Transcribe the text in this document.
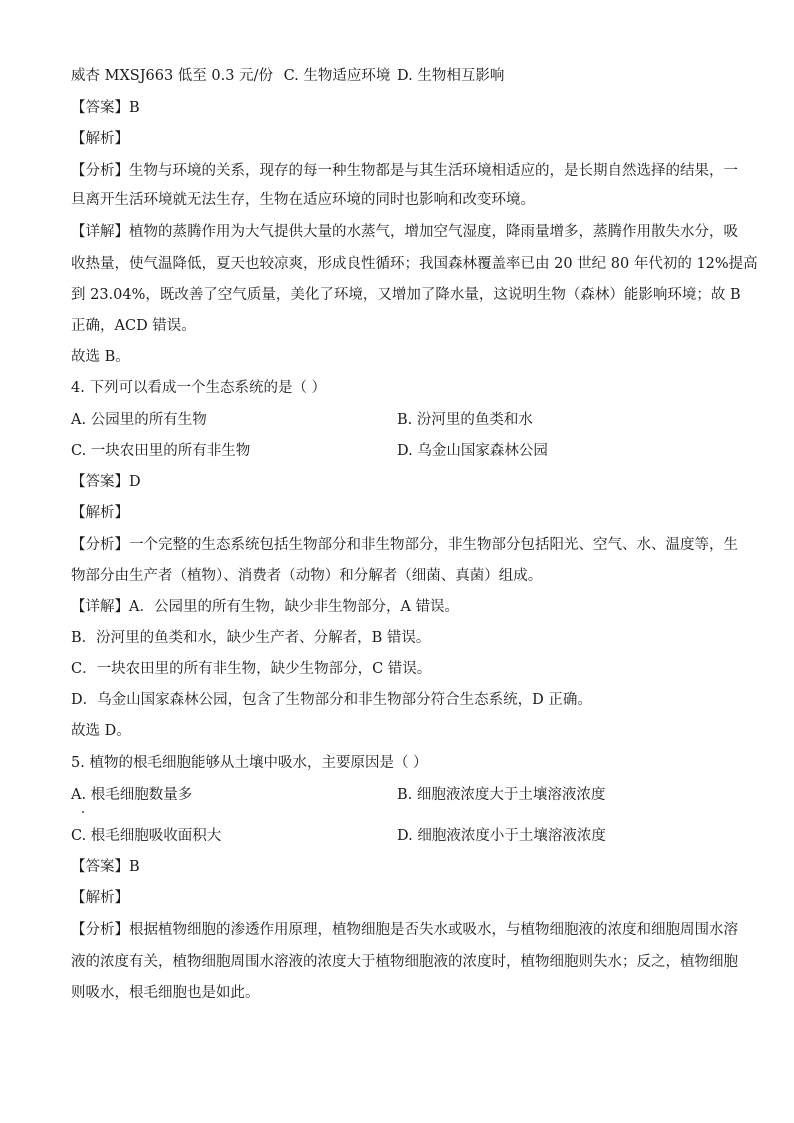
威杏 MXSJ663 低至 0.3 元/份 C. 生物适应环境 D. 生物相互影响
【答案】B
【解析】
【分析】生物与环境的关系，现存的每一种生物都是与其生活环境相适应的，是长期自然选择的结果，一
旦离开生活环境就无法生存，生物在适应环境的同时也影响和改变环境。
【详解】植物的蒸腾作用为大气提供大量的水蒸气，增加空气湿度，降雨量增多，蒸腾作用散失水分，吸
收热量，使气温降低，夏天也较凉爽，形成良性循环；我国森林覆盖率已由 20 世纪 80 年代初的 12%提高
到 23.04%，既改善了空气质量，美化了环境，又增加了降水量，这说明生物（森林）能影响环境；故 B
正确，ACD 错误。
故选 B。
4. 下列可以看成一个生态系统的是（ ）
A. 公园里的所有生物	B. 汾河里的鱼类和水
C. 一块农田里的所有非生物	D. 乌金山国家森林公园
【答案】D
【解析】
【分析】一个完整的生态系统包括生物部分和非生物部分，非生物部分包括阳光、空气、水、温度等，生
物部分由生产者（植物）、消费者（动物）和分解者（细菌、真菌）组成。
【详解】A．公园里的所有生物，缺少非生物部分，A 错误。
B．汾河里的鱼类和水，缺少生产者、分解者，B 错误。
C．一块农田里的所有非生物，缺少生物部分，C 错误。
D．乌金山国家森林公园，包含了生物部分和非生物部分符合生态系统，D 正确。
故选 D。
5. 植物的根毛细胞能够从土壤中吸水，主要原因是（ ）
A. 根毛细胞数量多	B. 细胞液浓度大于土壤溶液浓度
C. 根毛细胞吸收面积大	D. 细胞液浓度小于土壤溶液浓度
【答案】B
【解析】
【分析】根据植物细胞的渗透作用原理，植物细胞是否失水或吸水，与植物细胞液的浓度和细胞周围水溶
液的浓度有关，植物细胞周围水溶液的浓度大于植物细胞液的浓度时，植物细胞则失水；反之，植物细胞
则吸水，根毛细胞也是如此。
